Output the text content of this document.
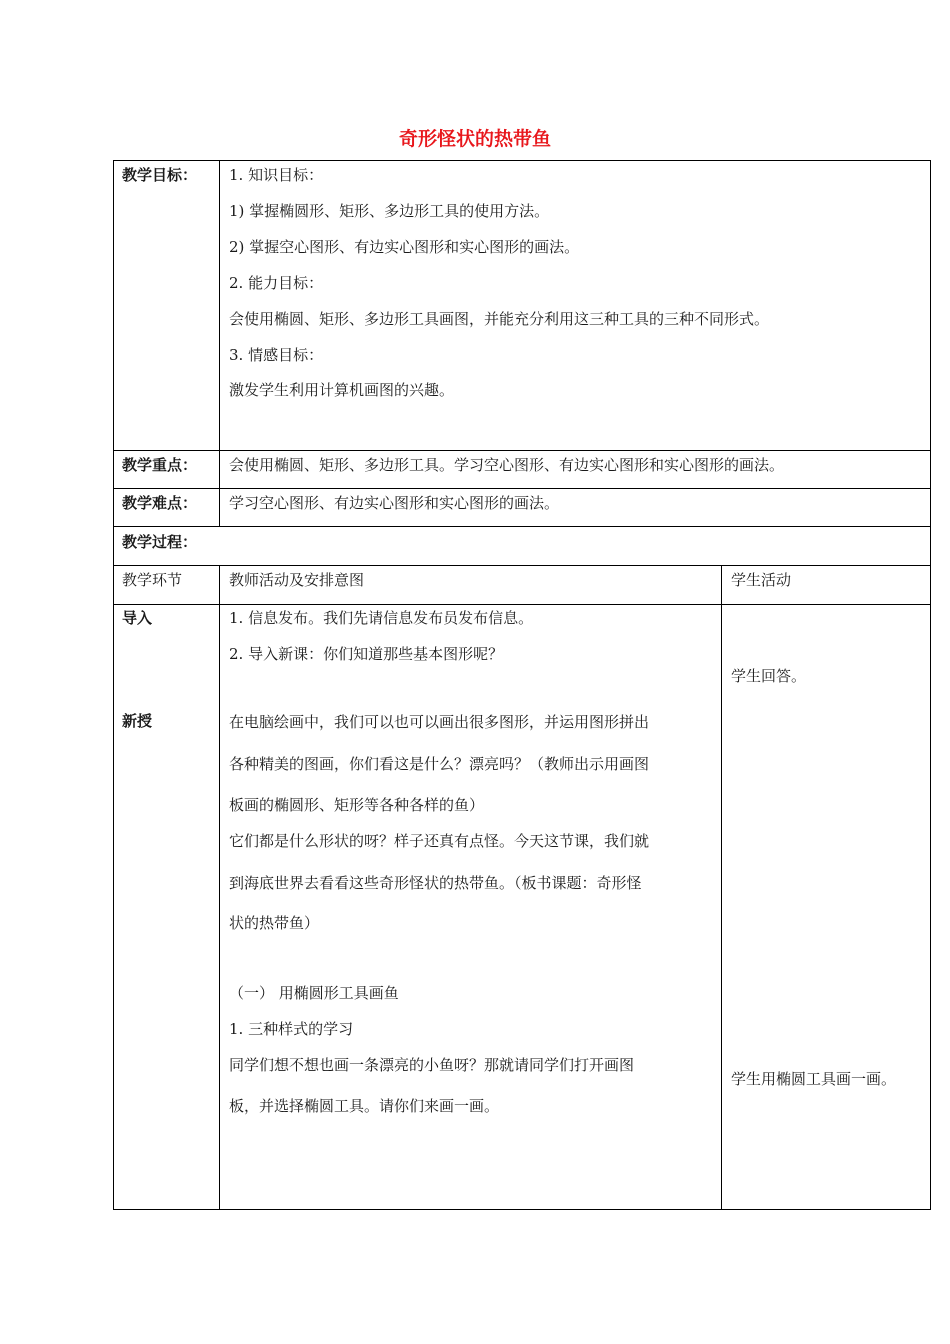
奇形怪状的热带鱼
教学目标： 1. 知识目标：
1) 掌握椭圆形、矩形、多边形工具的使用方法。
2) 掌握空心图形、有边实心图形和实心图形的画法。
2. 能力目标：
会使用椭圆、矩形、多边形工具画图，并能充分利用这三种工具的三种不同形式。
3. 情感目标：
激发学生利用计算机画图的兴趣。
教学重点： 会使用椭圆、矩形、多边形工具。学习空心图形、有边实心图形和实心图形的画法。
教学难点： 学习空心图形、有边实心图形和实心图形的画法。
教学过程：
教学环节	教师活动及安排意图	学生活动
导入
新授
1. 信息发布。我们先请信息发布员发布信息。
2. 导入新课：你们知道那些基本图形呢？
在电脑绘画中，我们可以也可以画出很多图形，并运用图形拼出
各种精美的图画，你们看这是什么？漂亮吗？（教师出示用画图
板画的椭圆形、矩形等各种各样的鱼）
它们都是什么形状的呀？样子还真有点怪。今天这节课，我们就
到海底世界去看看这些奇形怪状的热带鱼。（板书课题：奇形怪
状的热带鱼）
（一） 用椭圆形工具画鱼
1. 三种样式的学习
同学们想不想也画一条漂亮的小鱼呀？那就请同学们打开画图
板，并选择椭圆工具。请你们来画一画。
学生回答。
学生用椭圆工具画一画。
